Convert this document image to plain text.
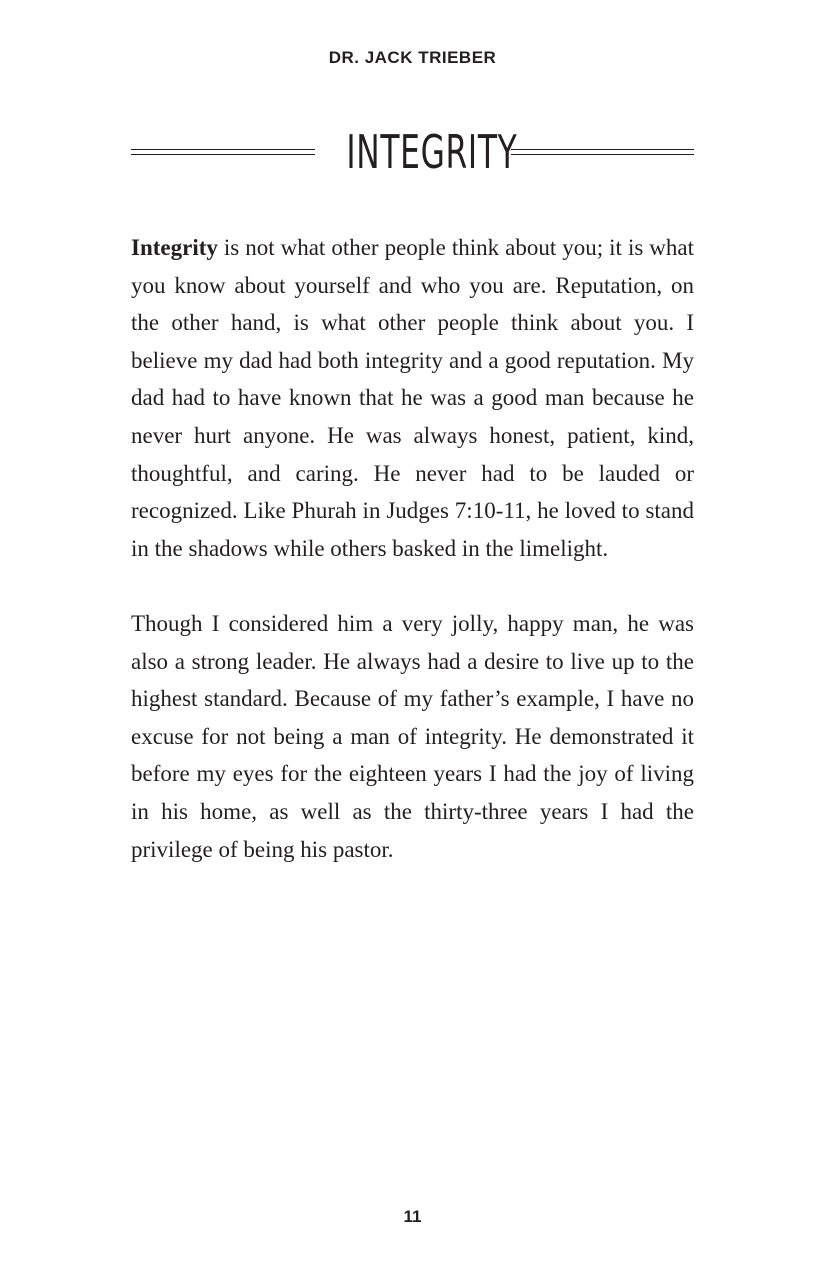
DR. JACK TRIEBER
INTEGRITY

Integrity is not what other people think about you; it is what you know about yourself and who you are. Reputation, on the other hand, is what other people think about you. I believe my dad had both integrity and a good reputation. My dad had to have known that he was a good man because he never hurt anyone. He was always honest, patient, kind, thoughtful, and caring. He never had to be lauded or recognized. Like Phurah in Judges 7:10-11, he loved to stand in the shadows while others basked in the limelight.

Though I considered him a very jolly, happy man, he was also a strong leader. He always had a desire to live up to the highest standard. Because of my father’s example, I have no excuse for not being a man of integrity. He demonstrated it before my eyes for the eighteen years I had the joy of living in his home, as well as the thirty-three years I had the privilege of being his pastor.

11
